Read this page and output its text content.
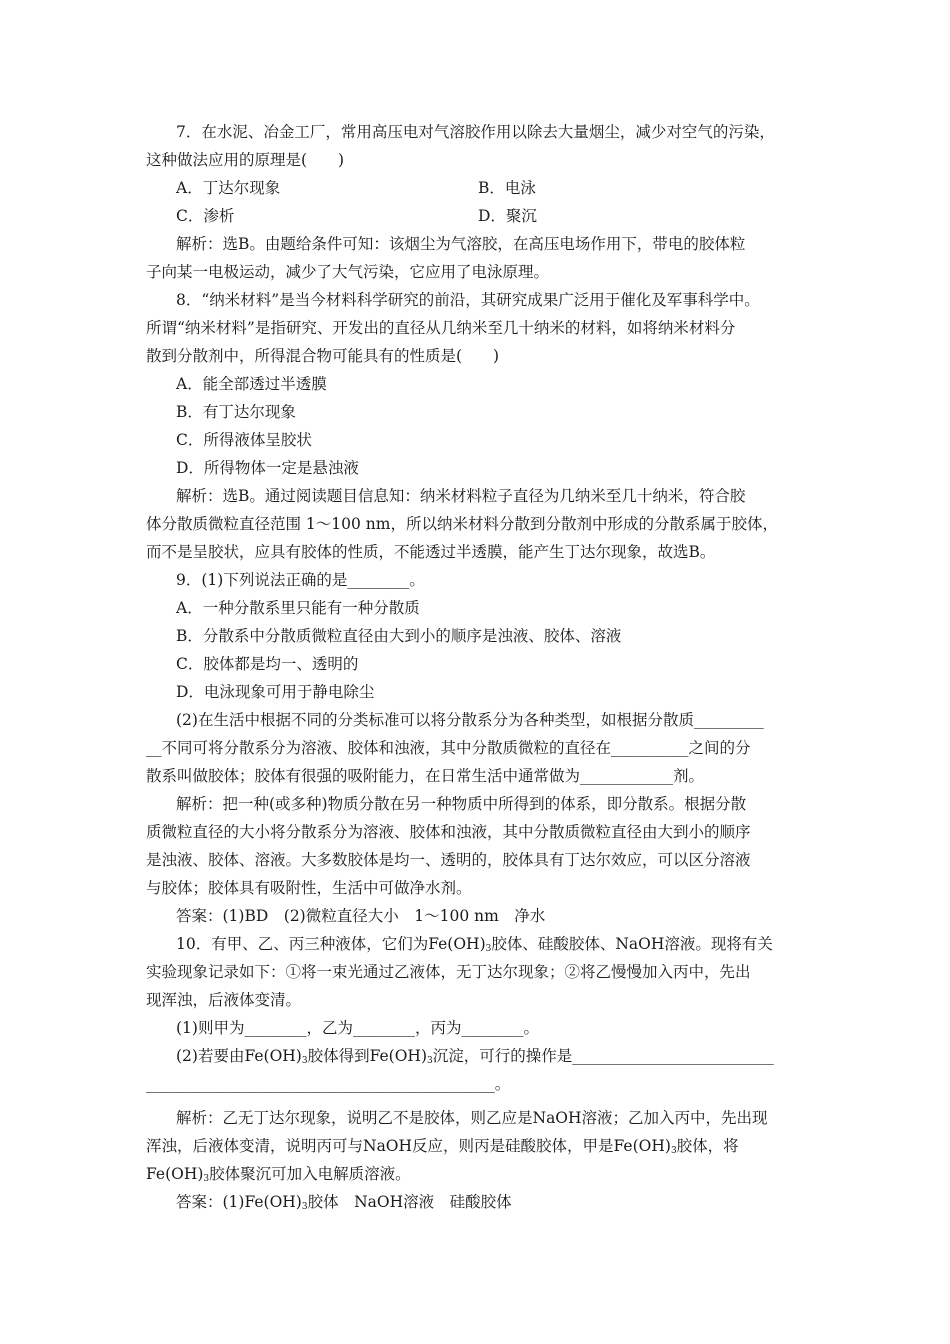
7．在水泥、冶金工厂，常用高压电对气溶胶作用以除去大量烟尘，减少对空气的污染，
这种做法应用的原理是(　　)
A．丁达尔现象	B．电泳
C．渗析	D．聚沉
解析：选B。由题给条件可知：该烟尘为气溶胶，在高压电场作用下，带电的胶体粒
子向某一电极运动，减少了大气污染，它应用了电泳原理。
8．“纳米材料”是当今材料科学研究的前沿，其研究成果广泛用于催化及军事科学中。
所谓“纳米材料”是指研究、开发出的直径从几纳米至几十纳米的材料，如将纳米材料分
散到分散剂中，所得混合物可能具有的性质是(　　)
A．能全部透过半透膜
B．有丁达尔现象
C．所得液体呈胶状
D．所得物体一定是悬浊液
解析：选B。通过阅读题目信息知：纳米材料粒子直径为几纳米至几十纳米，符合胶
体分散质微粒直径范围 1～100 nm，所以纳米材料分散到分散剂中形成的分散系属于胶体，
而不是呈胶状，应具有胶体的性质，不能透过半透膜，能产生丁达尔现象，故选B。
9．(1)下列说法正确的是________。
A．一种分散系里只能有一种分散质
B．分散系中分散质微粒直径由大到小的顺序是浊液、胶体、溶液
C．胶体都是均一、透明的
D．电泳现象可用于静电除尘
(2)在生活中根据不同的分类标准可以将分散系分为各种类型，如根据分散质_________
__不同可将分散系分为溶液、胶体和浊液，其中分散质微粒的直径在__________之间的分
散系叫做胶体；胶体有很强的吸附能力，在日常生活中通常做为____________剂。
解析：把一种(或多种)物质分散在另一种物质中所得到的体系，即分散系。根据分散
质微粒直径的大小将分散系分为溶液、胶体和浊液，其中分散质微粒直径由大到小的顺序
是浊液、胶体、溶液。大多数胶体是均一、透明的，胶体具有丁达尔效应，可以区分溶液
与胶体；胶体具有吸附性，生活中可做净水剂。
答案：(1)BD　(2)微粒直径大小　1～100 nm　净水
10．有甲、乙、丙三种液体，它们为$Fe(OH)_3$胶体、硅酸胶体、NaOH溶液。现将有关
实验现象记录如下：①将一束光通过乙液体，无丁达尔现象；②将乙慢慢加入丙中，先出
现浑浊，后液体变清。
(1)则甲为________，乙为________，丙为________。
(2)若要由$Fe(OH)_3$胶体得到$Fe(OH)_3$沉淀，可行的操作是__________________________
_____________________________________________。
解析：乙无丁达尔现象，说明乙不是胶体，则乙应是NaOH溶液；乙加入丙中，先出现
浑浊，后液体变清，说明丙可与NaOH反应，则丙是硅酸胶体，甲是$Fe(OH)_3$胶体，将
$Fe(OH)_3$胶体聚沉可加入电解质溶液。
答案：$(1)Fe(OH)_3$胶体　NaOH溶液　硅酸胶体
